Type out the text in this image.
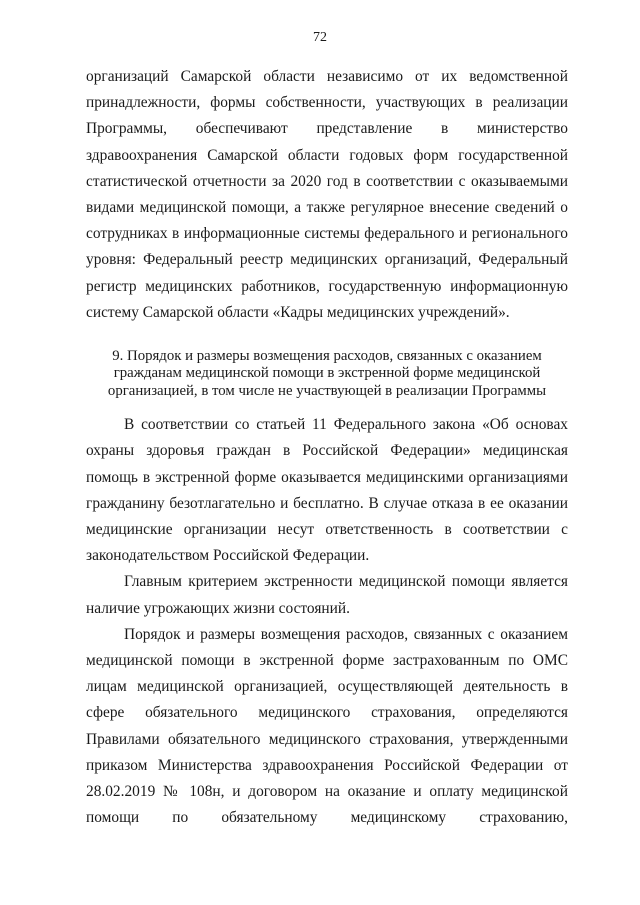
72

организаций Самарской области независимо от их ведомственной принадлежности, формы собственности, участвующих в реализации Программы, обеспечивают представление в министерство здравоохранения Самарской области годовых форм государственной статистической отчетности за 2020 год в соответствии с оказываемыми видами медицинской помощи, а также регулярное внесение сведений о сотрудниках в информационные системы федерального и регионального уровня: Федеральный реестр медицинских организаций, Федеральный регистр медицинских работников, государственную информационную систему Самарской области «Кадры медицинских учреждений».

9. Порядок и размеры возмещения расходов, связанных с оказанием гражданам медицинской помощи в экстренной форме медицинской организацией, в том числе не участвующей в реализации Программы

В соответствии со статьей 11 Федерального закона «Об основах охраны здоровья граждан в Российской Федерации» медицинская помощь в экстренной форме оказывается медицинскими организациями гражданину безотлагательно и бесплатно. В случае отказа в ее оказании медицинские организации несут ответственность в соответствии с законодательством Российской Федерации.

Главным критерием экстренности медицинской помощи является наличие угрожающих жизни состояний.

Порядок и размеры возмещения расходов, связанных с оказанием медицинской помощи в экстренной форме застрахованным по ОМС лицам медицинской организацией, осуществляющей деятельность в сфере обязательного медицинского страхования, определяются Правилами обязательного медицинского страхования, утвержденными приказом Министерства здравоохранения Российской Федерации от 28.02.2019 № 108н, и договором на оказание и оплату медицинской помощи по обязательному медицинскому страхованию,
